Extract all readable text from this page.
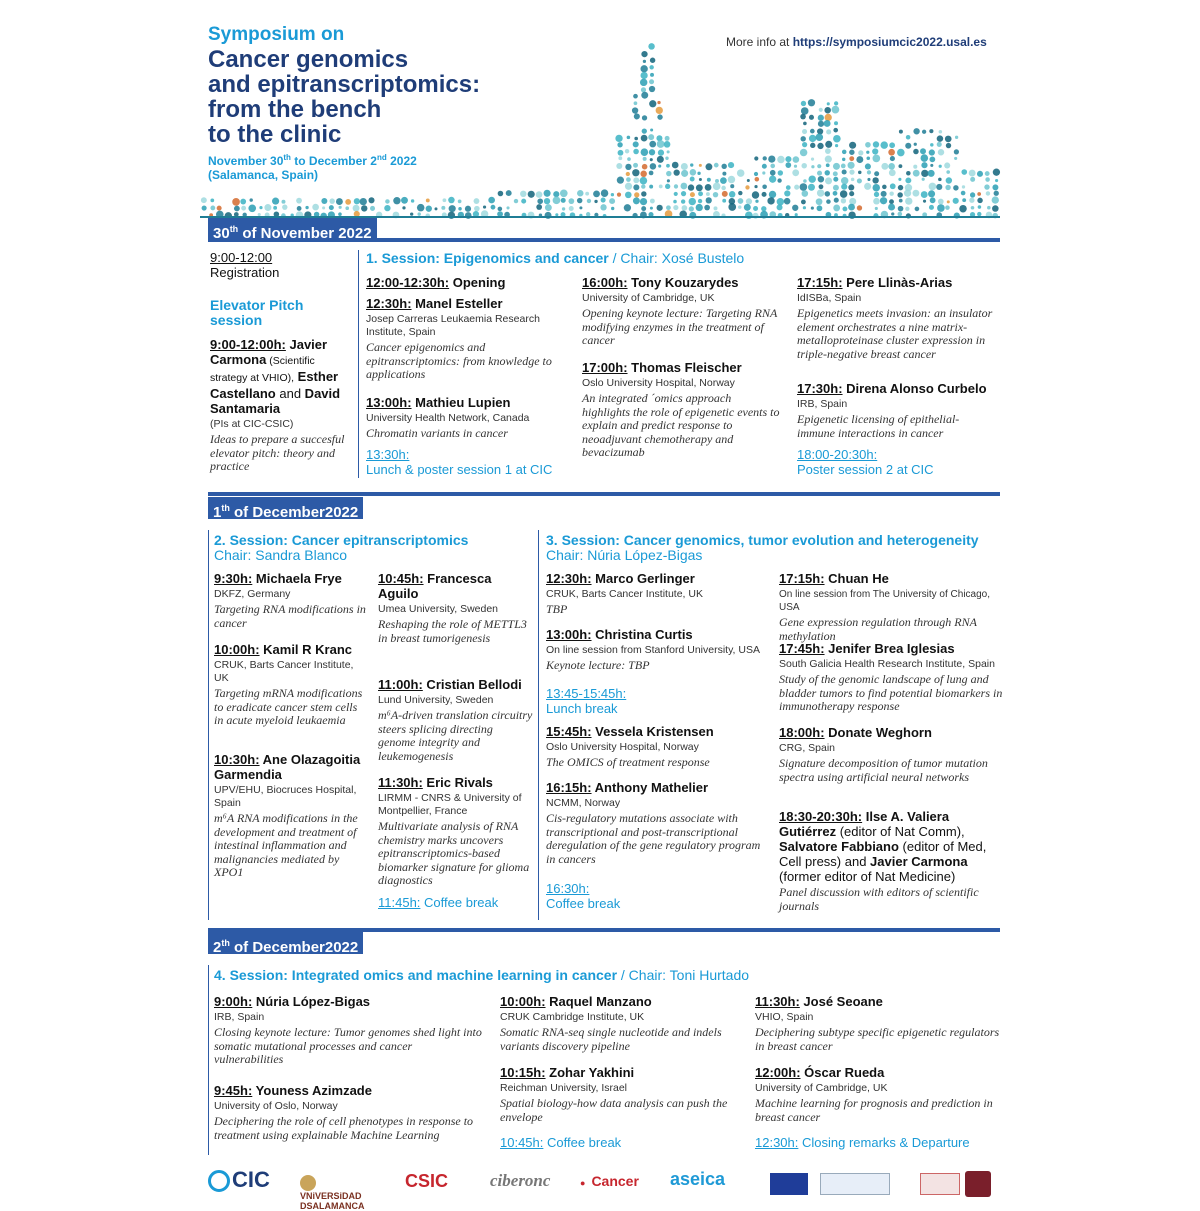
Symposium on
Cancer genomics
and epitranscriptomics:
from the bench
to the clinic
November 30th to December 2nd 2022
(Salamanca, Spain)
More info at https://symposiumcic2022.usal.es
30th of November 2022
9:00-12:00
Registration
Elevator Pitch session
9:00-12:00h: Javier Carmona (Scientific strategy at VHIO), Esther Castellano and David Santamaria
(PIs at CIC-CSIC)
Ideas to prepare a succesful elevator pitch: theory and practice
1. Session: Epigenomics and cancer / Chair: Xosé Bustelo
12:00-12:30h: Opening
12:30h: Manel Esteller
Josep Carreras Leukaemia Research Institute, Spain
Cancer epigenomics and epitranscriptomics: from knowledge to applications
13:00h: Mathieu Lupien
University Health Network, Canada
Chromatin variants in cancer
13:30h:
Lunch & poster session 1 at CIC
16:00h: Tony Kouzarydes
University of Cambridge, UK
Opening keynote lecture: Targeting RNA modifying enzymes in the treatment of cancer
17:00h: Thomas Fleischer
Oslo University Hospital, Norway
An integrated ´omics approach highlights the role of epigenetic events to explain and predict response to neoadjuvant chemotherapy and bevacizumab
17:15h: Pere Llinàs-Arias
IdISBa, Spain
Epigenetics meets invasion: an insulator element orchestrates a nine matrix-metalloproteinase cluster expression in triple-negative breast cancer
17:30h: Direna Alonso Curbelo
IRB, Spain
Epigenetic licensing of epithelial-immune interactions in cancer
18:00-20:30h:
Poster session 2 at CIC
1th of December2022
2. Session: Cancer epitranscriptomics
Chair: Sandra Blanco
9:30h: Michaela Frye
DKFZ, Germany
Targeting RNA modifications in cancer
10:00h: Kamil R Kranc
CRUK, Barts Cancer Institute, UK
Targeting mRNA modifications to eradicate cancer stem cells in acute myeloid leukaemia
10:30h: Ane Olazagoitia Garmendia
UPV/EHU, Biocruces Hospital, Spain
m⁶A RNA modifications in the development and treatment of intestinal inflammation and malignancies mediated by XPO1
10:45h: Francesca Aguilo
Umea University, Sweden
Reshaping the role of METTL3 in breast tumorigenesis
11:00h: Cristian Bellodi
Lund University, Sweden
m⁶A-driven translation circuitry steers splicing directing genome integrity and leukemogenesis
11:30h: Eric Rivals
LIRMM - CNRS & University of Montpellier, France
Multivariate analysis of RNA chemistry marks uncovers epitranscriptomics-based biomarker signature for glioma diagnostics
11:45h: Coffee break
3. Session: Cancer genomics, tumor evolution and heterogeneity
Chair: Núria López-Bigas
12:30h: Marco Gerlinger
CRUK, Barts Cancer Institute, UK
TBP
13:00h: Christina Curtis
On line session from Stanford University, USA
Keynote lecture: TBP
13:45-15:45h:
Lunch break
15:45h: Vessela Kristensen
Oslo University Hospital, Norway
The OMICS of treatment response
16:15h: Anthony Mathelier
NCMM, Norway
Cis-regulatory mutations associate with transcriptional and post-transcriptional deregulation of the gene regulatory program in cancers
16:30h:
Coffee break
17:15h: Chuan He
On line session from The University of Chicago, USA
Gene expression regulation through RNA methylation
17:45h: Jenifer Brea Iglesias
South Galicia Health Research Institute, Spain
Study of the genomic landscape of lung and bladder tumors to find potential biomarkers in immunotherapy response
18:00h: Donate Weghorn
CRG, Spain
Signature decomposition of tumor mutation spectra using artificial neural networks
18:30-20:30h: Ilse A. Valiera Gutiérrez (editor of Nat Comm), Salvatore Fabbiano (editor of Med, Cell press) and Javier Carmona (former editor of Nat Medicine)
Panel discussion with editors of scientific journals
2th of December2022
4. Session: Integrated omics and machine learning in cancer / Chair: Toni Hurtado
9:00h: Núria López-Bigas
IRB, Spain
Closing keynote lecture: Tumor genomes shed light into somatic mutational processes and cancer vulnerabilities
9:45h: Youness Azimzade
University of Oslo, Norway
Deciphering the role of cell phenotypes in response to treatment using explainable Machine Learning
10:00h: Raquel Manzano
CRUK Cambridge Institute, UK
Somatic RNA-seq single nucleotide and indels variants discovery pipeline
10:15h: Zohar Yakhini
Reichman University, Israel
Spatial biology-how data analysis can push the envelope
10:45h: Coffee break
11:30h: José Seoane
VHIO, Spain
Deciphering subtype specific epigenetic regulators in breast cancer
12:00h: Óscar Rueda
University of Cambridge, UK
Machine learning for prognosis and prediction in breast cancer
12:30h: Closing remarks & Departure
CIC
VNiVERSiDAD DSALAMANCA
CSIC ciberonc	● Cancer aseica
